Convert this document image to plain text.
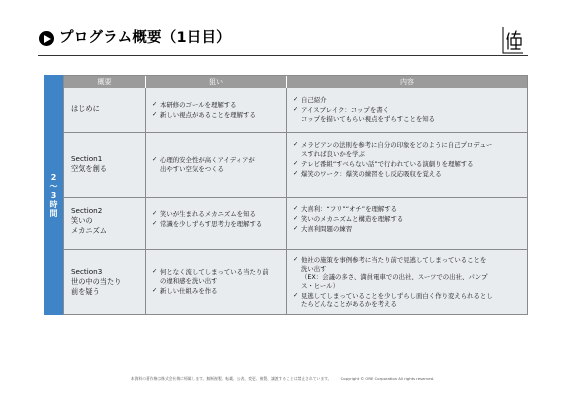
プログラム概要（1日目）
2
〜
3
時
間
概要	狙い	内容
はじめに
✓	本研修のゴールを理解する
✓ 新しい視点があることを理解する
✓ 自己紹介
✓ アイスブレイク：コップを書く
コップを描いてもらい視点をずらすことを知る
Section1
空気を創る
✓ 心理的安全性が高くアイディアが
出やすい空気をつくる
✓ メラビアンの法則を参考に自分の印象をどのように自己プロデュー
スすれば良いかを学ぶ
✓ テレビ番組“すべらない話”で行われている演劇りを理解する
✓ 爆笑のワーク：爆笑の練習をし反応吸収を覚える
Section2
笑いの
メカニズム
✓ 笑いが生まれるメカニズムを知る
✓ 常識を少しずらす思考力を理解する
✓ 大喜利：“フリ”“オチ”を理解する
✓ 笑いのメカニズムと構造を理解する
✓ 大喜利問題の練習
Section3
世の中の当たり
前を疑う
✓ 何となく流してしまっている当たり前
の違和感を洗い出す
✓ 新しい仕組みを作る
✓ 他社の施策を事例参考に当たり前で見逃してしまっていることを
洗い出す
（EX：会議の多さ、満員電車での出社、スーツでの出社、パンプ
ス・ヒール）
✓ 見逃してしまっていることを少しずらし面白く作り変えられるとし
たらどんなことがあるかを考える
本資料の著作権は株式会社梅に帰属します。無断複製、転載、公表、変更、複製、譲渡することは禁止されています。 Copyright © ORE Corporation All rights reserved.
